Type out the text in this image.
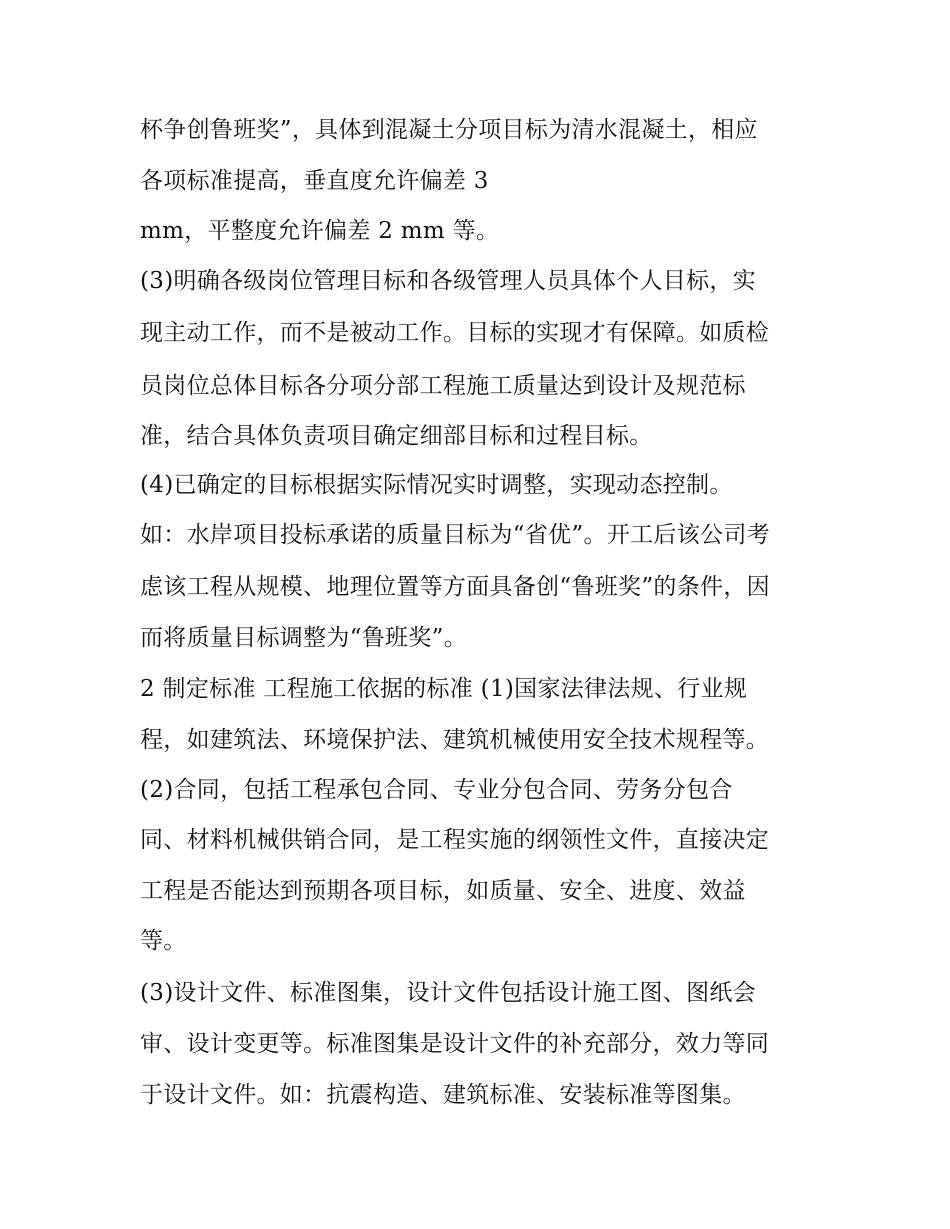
杯争创鲁班奖”，具体到混凝土分项目标为清水混凝土，相应
各项标准提高，垂直度允许偏差 3
mm，平整度允许偏差 2 mm 等。
(3)明确各级岗位管理目标和各级管理人员具体个人目标，实
现主动工作，而不是被动工作。目标的实现才有保障。如质检
员岗位总体目标各分项分部工程施工质量达到设计及规范标
准，结合具体负责项目确定细部目标和过程目标。
(4)已确定的目标根据实际情况实时调整，实现动态控制。
如：水岸项目投标承诺的质量目标为“省优”。开工后该公司考
虑该工程从规模、地理位置等方面具备创“鲁班奖”的条件，因
而将质量目标调整为“鲁班奖”。
2 制定标准 工程施工依据的标准 (1)国家法律法规、行业规
程，如建筑法、环境保护法、建筑机械使用安全技术规程等。
(2)合同，包括工程承包合同、专业分包合同、劳务分包合
同、材料机械供销合同，是工程实施的纲领性文件，直接决定
工程是否能达到预期各项目标，如质量、安全、进度、效益
等。
(3)设计文件、标准图集，设计文件包括设计施工图、图纸会
审、设计变更等。标准图集是设计文件的补充部分，效力等同
于设计文件。如：抗震构造、建筑标准、安装标准等图集。
